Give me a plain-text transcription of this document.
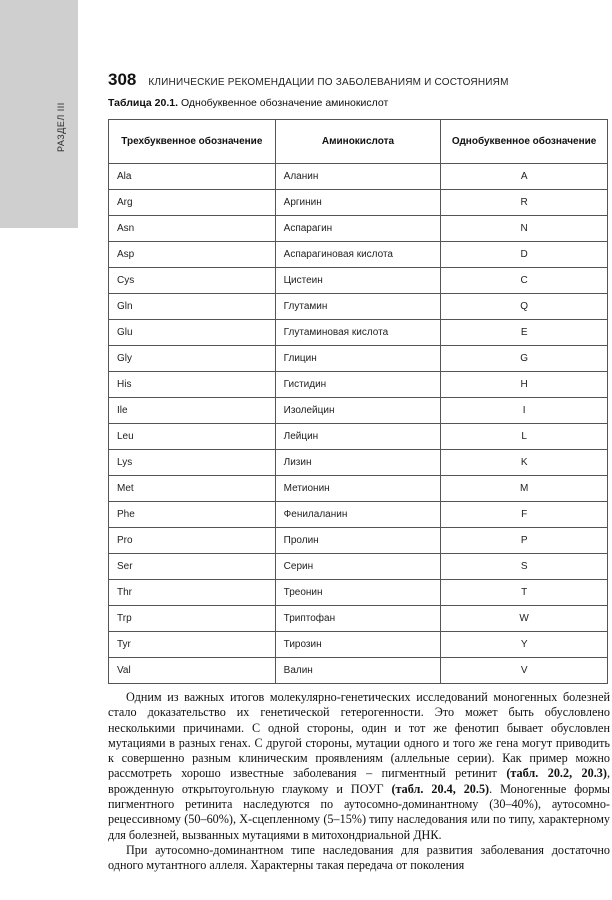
РАЗДЕЛ III
308 КЛИНИЧЕСКИЕ РЕКОМЕНДАЦИИ ПО ЗАБОЛЕВАНИЯМ И СОСТОЯНИЯМ
Таблица 20.1. Однобуквенное обозначение аминокислот
Трехбуквенное обозначение	Аминокислота	Однобуквенное обозначение
Ala	Аланин	A
Arg	Аргинин	R
Asn	Аспарагин	N
Asp	Аспарагиновая кислота	D
Cys	Цистеин	C
Gln	Глутамин	Q
Glu	Глутаминовая кислота	E
Gly	Глицин	G
His	Гистидин	H
Ile	Изолейцин	I
Leu	Лейцин	L
Lys	Лизин	K
Met	Метионин	M
Phe	Фенилаланин	F
Pro	Пролин	P
Ser	Серин	S
Thr	Треонин	T
Trp	Триптофан	W
Tyr	Тирозин	Y
Val	Валин	V

Одним из важных итогов молекулярно-генетических исследований моногенных болезней стало доказательство их генетической гетерогенности. Это может быть обусловлено несколькими причинами. С одной стороны, один и тот же фенотип бывает обусловлен мутациями в разных генах. С другой стороны, мутации одного и того же гена могут приводить к совершенно разным клиническим проявлениям (аллельные серии). Как пример можно рассмотреть хорошо известные заболевания – пигментный ретинит (табл. 20.2, 20.3), врожденную открытоугольную глаукому и ПОУГ (табл. 20.4, 20.5). Моногенные формы пигментного ретинита наследуются по аутосомно-доминантному (30–40%), аутосомно-рецессивному (50–60%), X-сцепленному (5–15%) типу наследования или по типу, характерному для болезней, вызванных мутациями в митохондриальной ДНК.

При аутосомно-доминантном типе наследования для развития заболевания достаточно одного мутантного аллеля. Характерны такая передача от поколения
